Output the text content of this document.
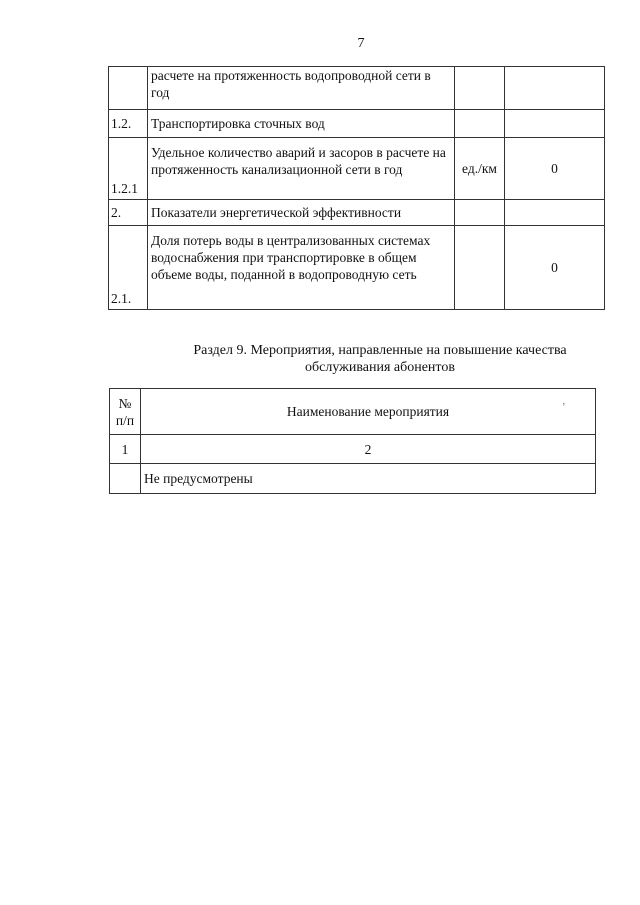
7
	расчете на протяженность водопроводной сети в год		
1.2.	Транспортировка сточных вод		
1.2.1	Удельное количество аварий и засоров в расчете на протяженность канализационной сети в год	ед./км	0
2.	Показатели энергетической эффективности		
2.1.	Доля потерь воды в централизованных системах водоснабжения при транспортировке в общем объеме воды, поданной в водопроводную сеть		0
Раздел 9. Мероприятия, направленные на повышение качества
обслуживания абонентов
№
п/п	Наименование мероприятия
1	2
	Не предусмотрены
ʼ
